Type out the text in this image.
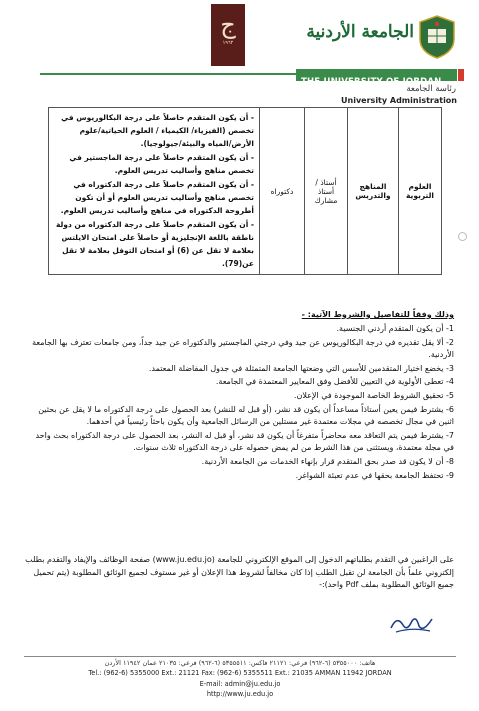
ج
١٩٦٢
الجامعة الأردنية
THE UNIVERSITY OF JORDAN
رئاسة الجامعة
University Administration
العلوم التربوية	المناهج والتدريس	أستاذ / أستاذ مشارك	دكتوراه	
- أن يكون المتقدم حاصلاً على درجة البكالوريوس في تخصص (الفيزياء/ الكيمياء / العلوم الحياتية/علوم الأرض/المياه والبيئة/جيولوجيا).
- أن يكون المتقدم حاصلاً على درجة الماجستير في تخصص مناهج وأساليب تدريس العلوم.
- أن يكون المتقدم حاصلاً على درجة الدكتوراه في تخصص مناهج وأساليب تدريس العلوم أو أن تكون أطروحة الدكتوراه في مناهج وأساليب تدريس العلوم.
- أن يكون المتقدم حاصلاً على درجة الدكتوراه من دولة ناطقة باللغة الإنجليزية أو حاصلاً على امتحان الايلتس بعلامة لا تقل عن (6) أو امتحان التوفل بعلامة لا تقل عن(79).
وذلك وفقاً للتفاصيل والشروط الآتية: -
1- أن يكون المتقدم أردني الجنسية.
2- ألا يقل تقديره في درجة البكالوريوس عن جيد وفي درجتي الماجستير والدكتوراه عن جيد جداً، ومن جامعات تعترف بها الجامعة الأردنية.
3- يخضع اختيار المتقدمين للأسس التي وضعتها الجامعة المتمثلة في جدول المفاضلة المعتمد.
4- تعطى الأولوية في التعيين للأفضل وفق المعايير المعتمدة في الجامعة.
5- تحقيق الشروط الخاصة الموجودة في الإعلان.
6- يشترط فيمن يعين أستاذاً مساعداً أن يكون قد نشر، (أو قبل له للنشر) بعد الحصول على درجة الدكتوراه ما لا يقل عن بحثين اثنين في مجال تخصصه في مجلات معتمدة غير مستلين من الرسائل الجامعية وأن يكون باحثاً رئيسياً في أحدهما.
7- يشترط فيمن يتم التعاقد معه محاضراً متفرغاً أن يكون قد نشر، أو قبل له النشر، بعد الحصول على درجة الدكتوراه بحث واحد في مجلة معتمدة، ويستثنى من هذا الشرط من لم يمض حصوله على درجة الدكتوراه ثلاث سنوات.
8- أن لا يكون قد صدر بحق المتقدم قرار بإنهاء الخدمات من الجامعة الأردنية.
9- تحتفظ الجامعة بحقها في عدم تعبئة الشواغر.
على الراغبين في التقدم بطلباتهم الدخول إلى الموقع الإلكتروني للجامعة (www.ju.edu.jo) صفحة الوظائف والإيفاد والتقدم بطلب إلكتروني علماً بأن الجامعة لن تقبل الطلب إذا كان مخالفاً لشروط هذا الإعلان أو غير مستوف لجميع الوثائق المطلوبة (يتم تحميل جميع الوثائق المطلوبة بملف Pdf واحد):-
هاتف: ٥٣٥٥٠٠٠ (٦-٩٦٢) فرعي: ٢١١٢١ فاكس: ٥٣٥٥٥١١ (٦-٩٦٢) فرعي: ٢١٠٣٥ عمان ١١٩٤٢ الأردن
Tel.: (962-6) 5355000 Ext.: 21121 Fax: (962-6) 5355511 Ext.: 21035 AMMAN 11942 JORDAN
E-mail: admin@ju.edu.jo
http://www.ju.edu.jo
